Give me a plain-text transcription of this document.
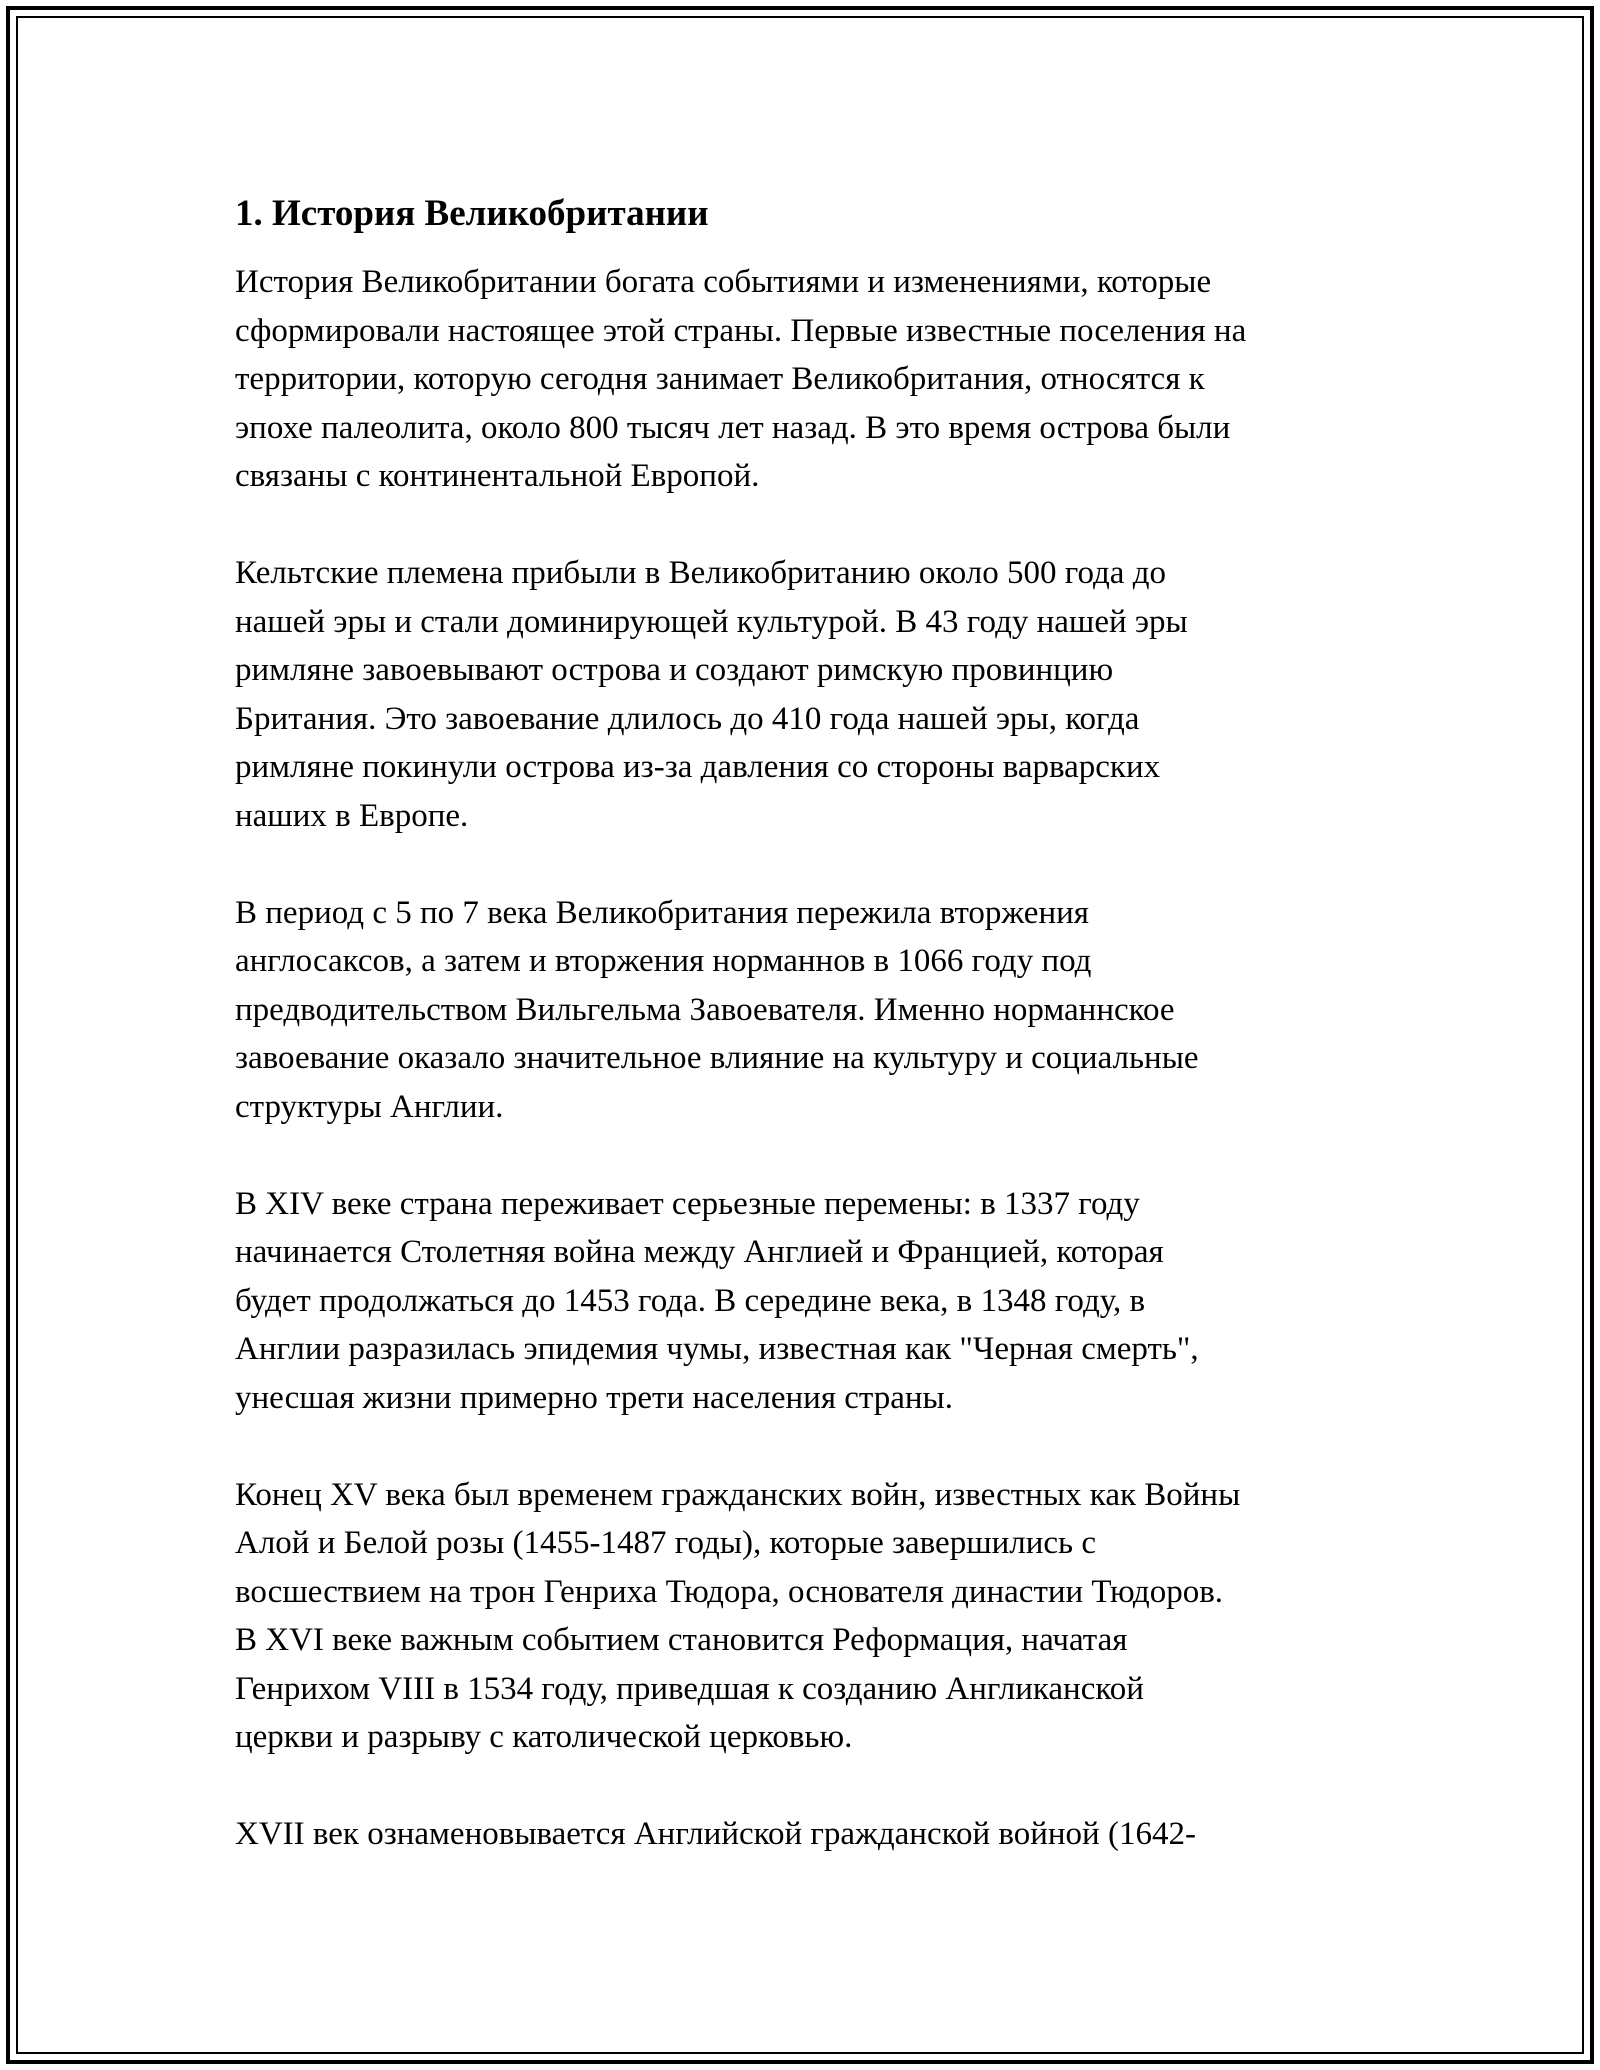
1. История Великобритании

История Великобритании богата событиями и изменениями, которые
сформировали настоящее этой страны. Первые известные поселения на
территории, которую сегодня занимает Великобритания, относятся к
эпохе палеолита, около 800 тысяч лет назад. В это время острова были
связаны с континентальной Европой.

Кельтские племена прибыли в Великобританию около 500 года до
нашей эры и стали доминирующей культурой. В 43 году нашей эры
римляне завоевывают острова и создают римскую провинцию
Британия. Это завоевание длилось до 410 года нашей эры, когда
римляне покинули острова из-за давления со стороны варварских
наших в Европе.

В период с 5 по 7 века Великобритания пережила вторжения
англосаксов, а затем и вторжения норманнов в 1066 году под
предводительством Вильгельма Завоевателя. Именно норманнское
завоевание оказало значительное влияние на культуру и социальные
структуры Англии.

В XIV веке страна переживает серьезные перемены: в 1337 году
начинается Столетняя война между Англией и Францией, которая
будет продолжаться до 1453 года. В середине века, в 1348 году, в
Англии разразилась эпидемия чумы, известная как "Черная смерть",
унесшая жизни примерно трети населения страны.

Конец XV века был временем гражданских войн, известных как Войны
Алой и Белой розы (1455-1487 годы), которые завершились с
восшествием на трон Генриха Тюдора, основателя династии Тюдоров.
В XVI веке важным событием становится Реформация, начатая
Генрихом VIII в 1534 году, приведшая к созданию Англиканской
церкви и разрыву с католической церковью.

XVII век ознаменовывается Английской гражданской войной (1642-
